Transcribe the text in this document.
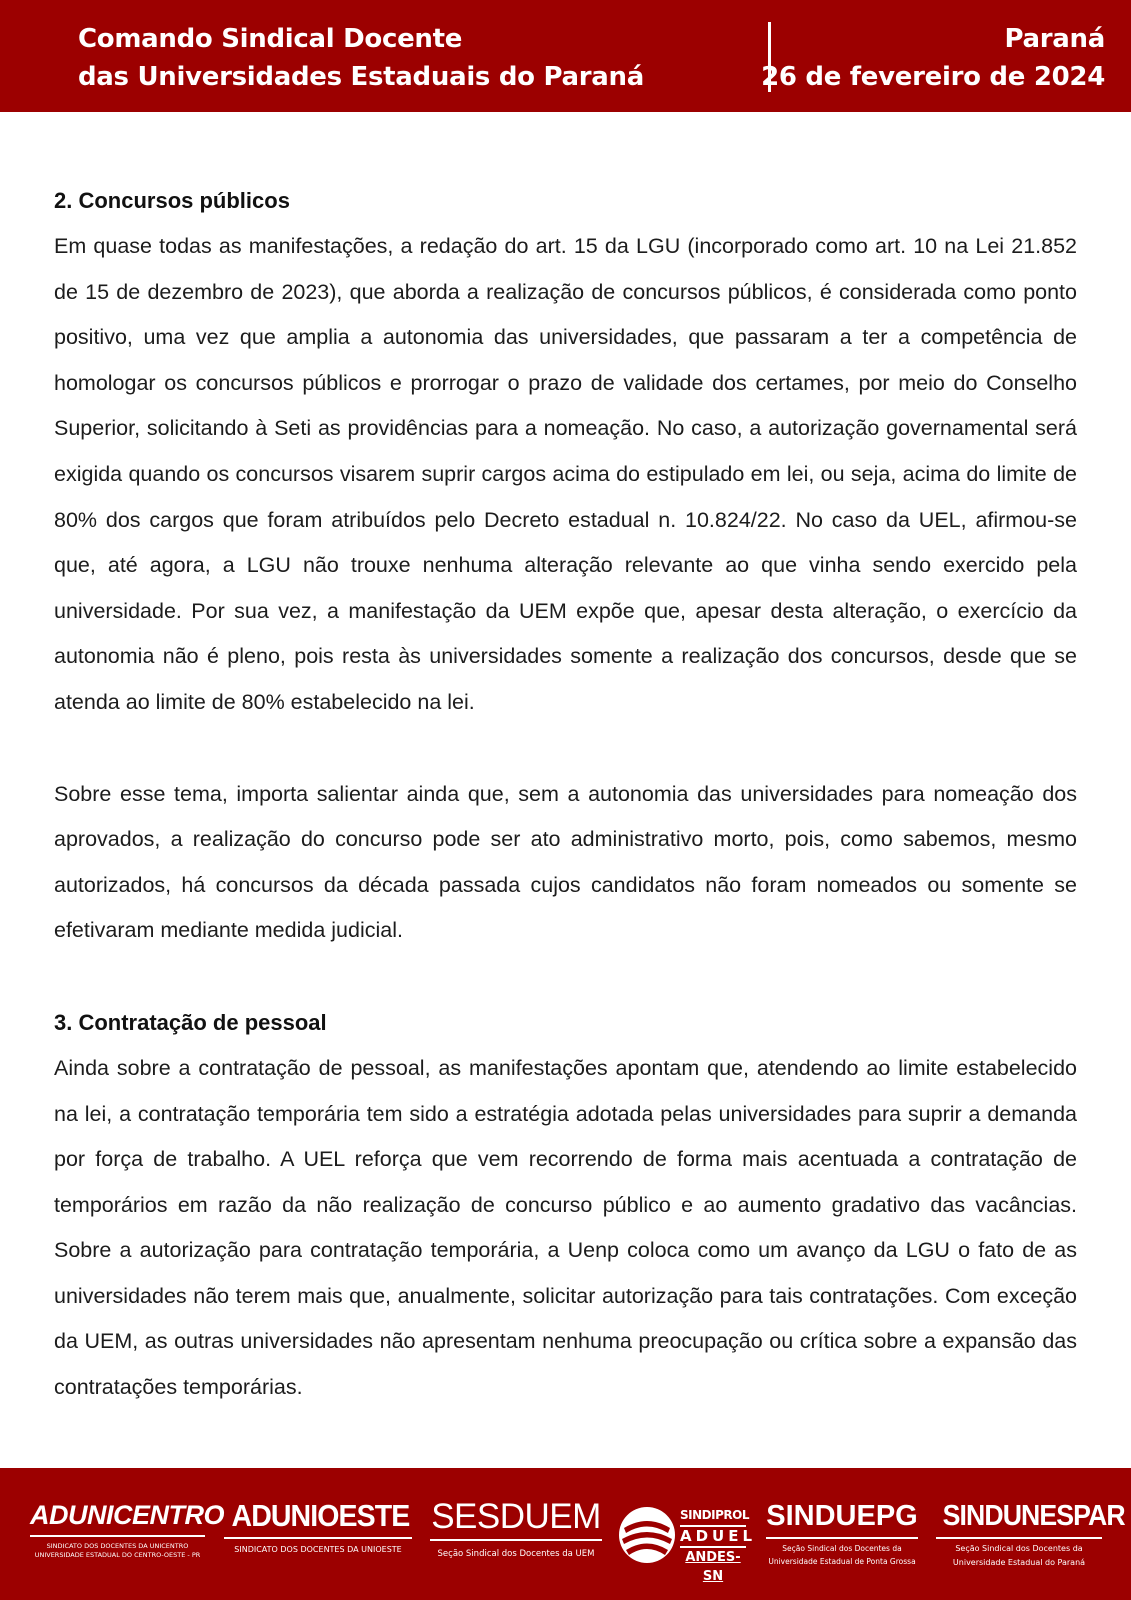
Comando Sindical Docente
das Universidades Estaduais do Paraná
Paraná
26 de fevereiro de 2024
2. Concursos públicos

Em quase todas as manifestações, a redação do art. 15 da LGU (incorporado como art. 10 na Lei 21.852 de 15 de dezembro de 2023), que aborda a realização de concursos públicos, é considerada como ponto positivo, uma vez que amplia a autonomia das universidades, que passaram a ter a competência de homologar os concursos públicos e prorrogar o prazo de validade dos certames, por meio do Conselho Superior, solicitando à Seti as providências para a nomeação. No caso, a autorização governamental será exigida quando os concursos visarem suprir cargos acima do estipulado em lei, ou seja, acima do limite de 80% dos cargos que foram atribuídos pelo Decreto estadual n. 10.824/22. No caso da UEL, afirmou-se que, até agora, a LGU não trouxe nenhuma alteração relevante ao que vinha sendo exercido pela universidade. Por sua vez, a manifestação da UEM expõe que, apesar desta alteração, o exercício da autonomia não é pleno, pois resta às universidades somente a realização dos concursos, desde que se atenda ao limite de 80% estabelecido na lei.

Sobre esse tema, importa salientar ainda que, sem a autonomia das universidades para nomeação dos aprovados, a realização do concurso pode ser ato administrativo morto, pois, como sabemos, mesmo autorizados, há concursos da década passada cujos candidatos não foram nomeados ou somente se efetivaram mediante medida judicial.

3. Contratação de pessoal

Ainda sobre a contratação de pessoal, as manifestações apontam que, atendendo ao limite estabelecido na lei, a contratação temporária tem sido a estratégia adotada pelas universidades para suprir a demanda por força de trabalho. A UEL reforça que vem recorrendo de forma mais acentuada a contratação de temporários em razão da não realização de concurso público e ao aumento gradativo das vacâncias. Sobre a autorização para contratação temporária, a Uenp coloca como um avanço da LGU o fato de as universidades não terem mais que, anualmente, solicitar autorização para tais contratações. Com exceção da UEM, as outras universidades não apresentam nenhuma preocupação ou crítica sobre a expansão das contratações temporárias.

ADUNICENTRO
SINDICATO DOS DOCENTES DA UNICENTRO
UNIVERSIDADE ESTADUAL DO CENTRO-OESTE - PR
ADUNIOESTE
SINDICATO DOS DOCENTES DA UNIOESTE
SESDUEM
Seção Sindical dos Docentes da UEM
SINDIPROL
ADUEL
ANDES-SN
SINDUEPG
Seção Sindical dos Docentes da
Universidade Estadual de Ponta Grossa
SINDUNESPAR
Seção Sindical dos Docentes da
Universidade Estadual do Paraná
